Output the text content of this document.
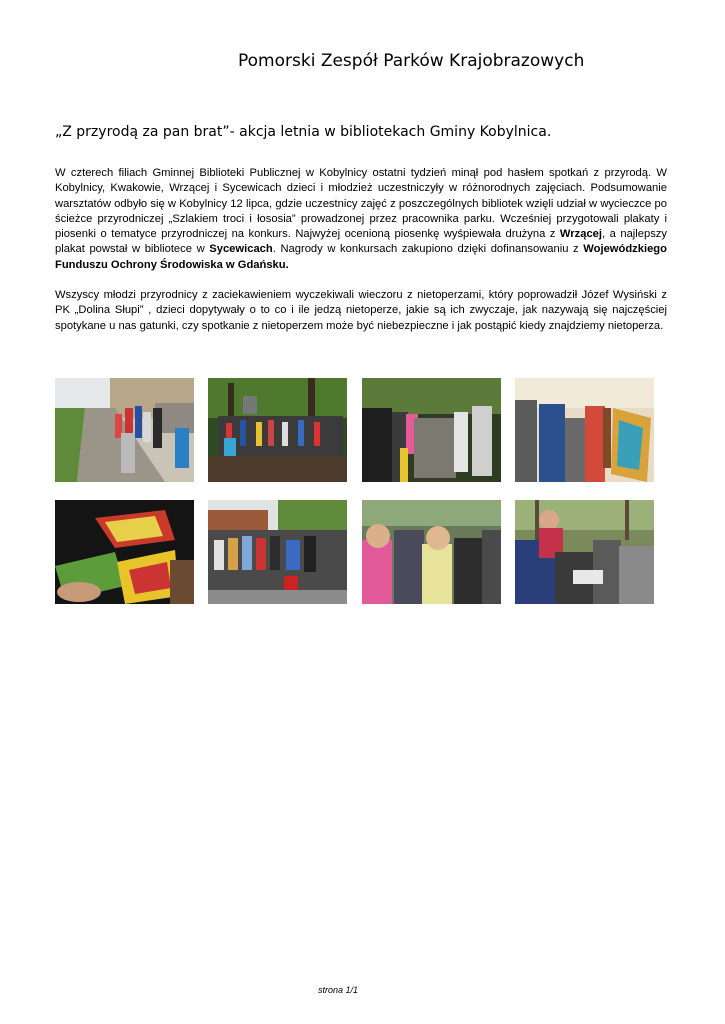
Pomorski Zespół Parków Krajobrazowych
„Z przyrodą za pan brat”- akcja letnia w bibliotekach Gminy Kobylnica.
W czterech filiach Gminnej Biblioteki Publicznej w Kobylnicy ostatni tydzień minął pod hasłem spotkań z przyrodą. W Kobylnicy, Kwakowie, Wrzącej i Sycewicach dzieci i młodzież uczestniczyły w różnorodnych zajęciach. Podsumowanie warsztatów odbyło się w Kobylnicy 12 lipca, gdzie uczestnicy zajęć z poszczególnych bibliotek wzięli udział w wycieczce po ścieżce przyrodniczej „Szlakiem troci i łososia” prowadzonej przez pracownika parku. Wcześniej przygotowali plakaty i piosenki o tematyce przyrodniczej na konkurs. Najwyżej ocenioną piosenkę wyśpiewała drużyna z Wrzącej, a najlepszy plakat powstał w bibliotece w Sycewicach. Nagrody w konkursach zakupiono dzięki dofinansowaniu z Wojewódzkiego Funduszu Ochrony Środowiska w Gdańsku.
Wszyscy młodzi przyrodnicy z zaciekawieniem wyczekiwali wieczoru z nietoperzami, który poprowadził Józef Wysiński z PK „Dolina Słupi” , dzieci dopytywały o to co i ile jedzą nietoperze, jakie są ich zwyczaje, jak nazywają się najczęściej spotykane u nas gatunki, czy spotkanie z nietoperzem może być niebezpieczne i jak postąpić kiedy znajdziemy nietoperza.
strona 1/1
